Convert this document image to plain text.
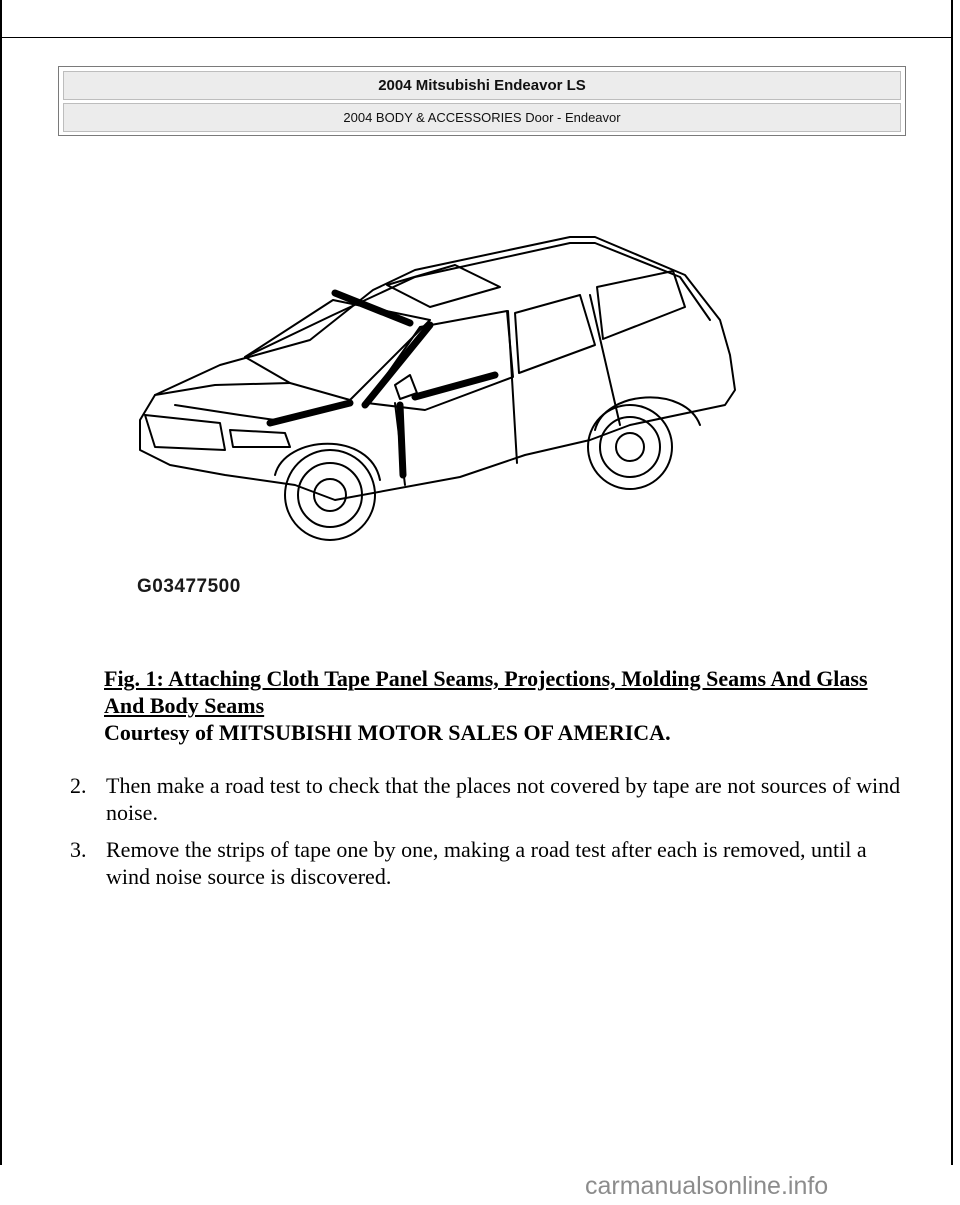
2004 Mitsubishi Endeavor LS
2004 BODY & ACCESSORIES Door - Endeavor
G03477500
Fig. 1: Attaching Cloth Tape Panel Seams, Projections, Molding Seams And Glass And Body Seams
Courtesy of MITSUBISHI MOTOR SALES OF AMERICA.
2. Then make a road test to check that the places not covered by tape are not sources of wind noise.
3. Remove the strips of tape one by one, making a road test after each is removed, until a wind noise source is discovered.
carmanualsonline.info
